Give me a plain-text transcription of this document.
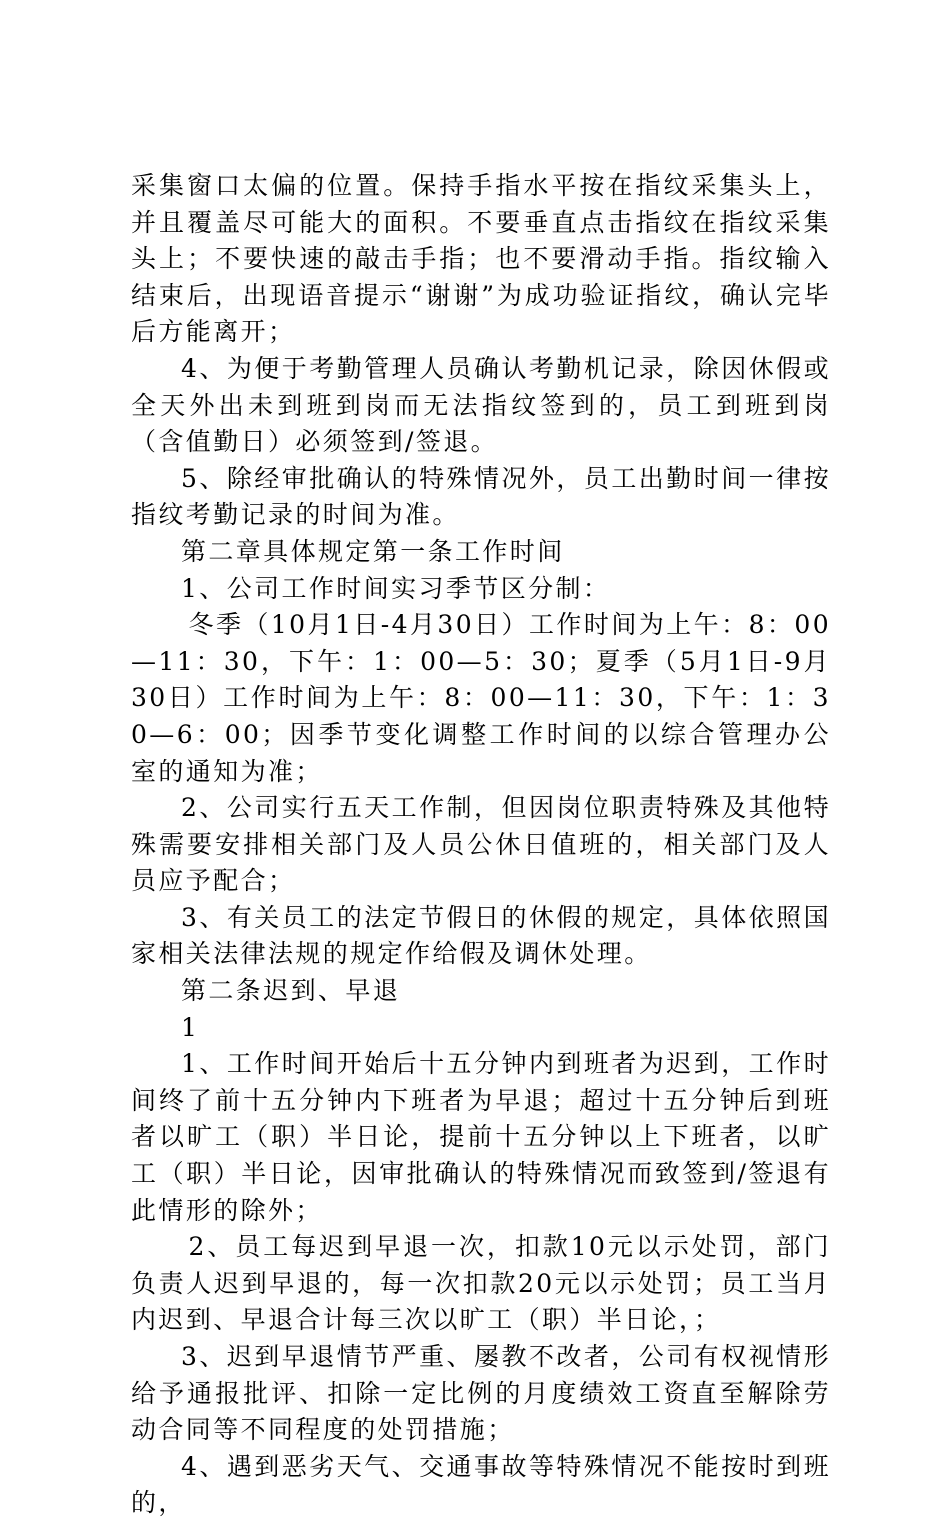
采集窗口太偏的位置。保持手指水平按在指纹采集头上，并且覆盖尽可能大的面积。不要垂直点击指纹在指纹采集头上；不要快速的敲击手指；也不要滑动手指。指纹输入结束后，出现语音提示“谢谢”为成功验证指纹，确认完毕后方能离开；

4、为便于考勤管理人员确认考勤机记录，除因休假或全天外出未到班到岗而无法指纹签到的，员工到班到岗（含值勤日）必须签到/签退。

5、除经审批确认的特殊情况外，员工出勤时间一律按指纹考勤记录的时间为准。

第二章具体规定第一条工作时间

1、公司工作时间实习季节区分制：

冬季（10月1日-4月30日）工作时间为上午：8：00—11：30，下午：1：00—5：30；夏季（5月1日-9月30日）工作时间为上午：8：00—11：30，下午：1：30—6：00；因季节变化调整工作时间的以综合管理办公室的通知为准；

2、公司实行五天工作制，但因岗位职责特殊及其他特殊需要安排相关部门及人员公休日值班的，相关部门及人员应予配合；

3、有关员工的法定节假日的休假的规定，具体依照国家相关法律法规的规定作给假及调休处理。

第二条迟到、早退

1

1、工作时间开始后十五分钟内到班者为迟到，工作时间终了前十五分钟内下班者为早退；超过十五分钟后到班者以旷工（职）半日论，提前十五分钟以上下班者，以旷工（职）半日论，因审批确认的特殊情况而致签到/签退有此情形的除外；

2、员工每迟到早退一次，扣款10元以示处罚，部门负责人迟到早退的，每一次扣款20元以示处罚；员工当月内迟到、早退合计每三次以旷工（职）半日论，；

3、迟到早退情节严重、屡教不改者，公司有权视情形给予通报批评、扣除一定比例的月度绩效工资直至解除劳动合同等不同程度的处罚措施；

4、遇到恶劣天气、交通事故等特殊情况不能按时到班的，
